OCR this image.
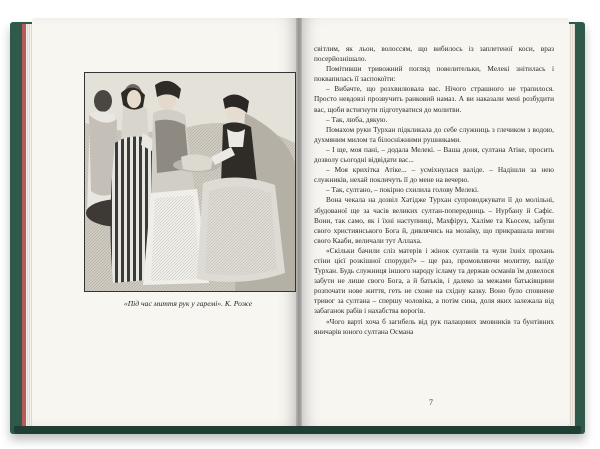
«Під час миття рук у гаремі». К. Роже

світлим, як льон, волоссям, що вибилось із заплетеної коси, враз посерйознішало.

Помітивши тривожний погляд повелительки, Мелекі знітилась і поквапилась її заспокоїти:

– Вибачте, що розхвилювала вас. Нічого страшного не трапилося. Просто невдовзі прозвучить ранковий намаз. А ви наказали мені розбудити вас, щоби встигнути підготуватися до молитви.

– Так, люба, дякую.

Помахом руки Турхан підкликала до себе служниць з глечиком з водою, духмяним милом та білосніжними рушниками.

– І ще, моя пані, – додала Мелекі. – Ваша доня, султана Атіке, просить дозволу сьогодні відвідати вас...

– Моя крихітка Атіке... – усміхнулася валіде. – Надішли за нею служників, нехай покличуть її до мене на вечерю.

– Так, султано, – покірно схилила голову Мелекі.

Вона чекала на дозвіл Хатідже Турхан супроводжувати її до молільні, збудованої ще за часів великих султан-попередниць – Нурбану й Сафіє. Вони, так само, як і їхні наступниці, Махфіруз, Халіме та Кьосем, забули свого християнського Бога й, дивлячись на мозаїку, що прикрашала вигин свого Кааби, величали тут Аллаха.

«Скільки бачили сліз матерів і жінок султанів та чули їхніх прохань стіни цієї розкішної споруди?» – ще раз, промовляючи молитву, валіде Турхан. Будь служниця іншого народу ісламу та держав османів їм довелося забути не лише свого Бога, а й батьків, і далеко за межами батьківщини розпочати нове життя, геть не схоже на східну казку. Воно було сповнене тривог за султана – спершу чоловіка, а потім сина, доля яких залежала від забаганок рабів і нахабства ворогів.

«Чого варті хоча б загибель від рук палацових змовників та бунтівних яничарів юного султана Османа

7
